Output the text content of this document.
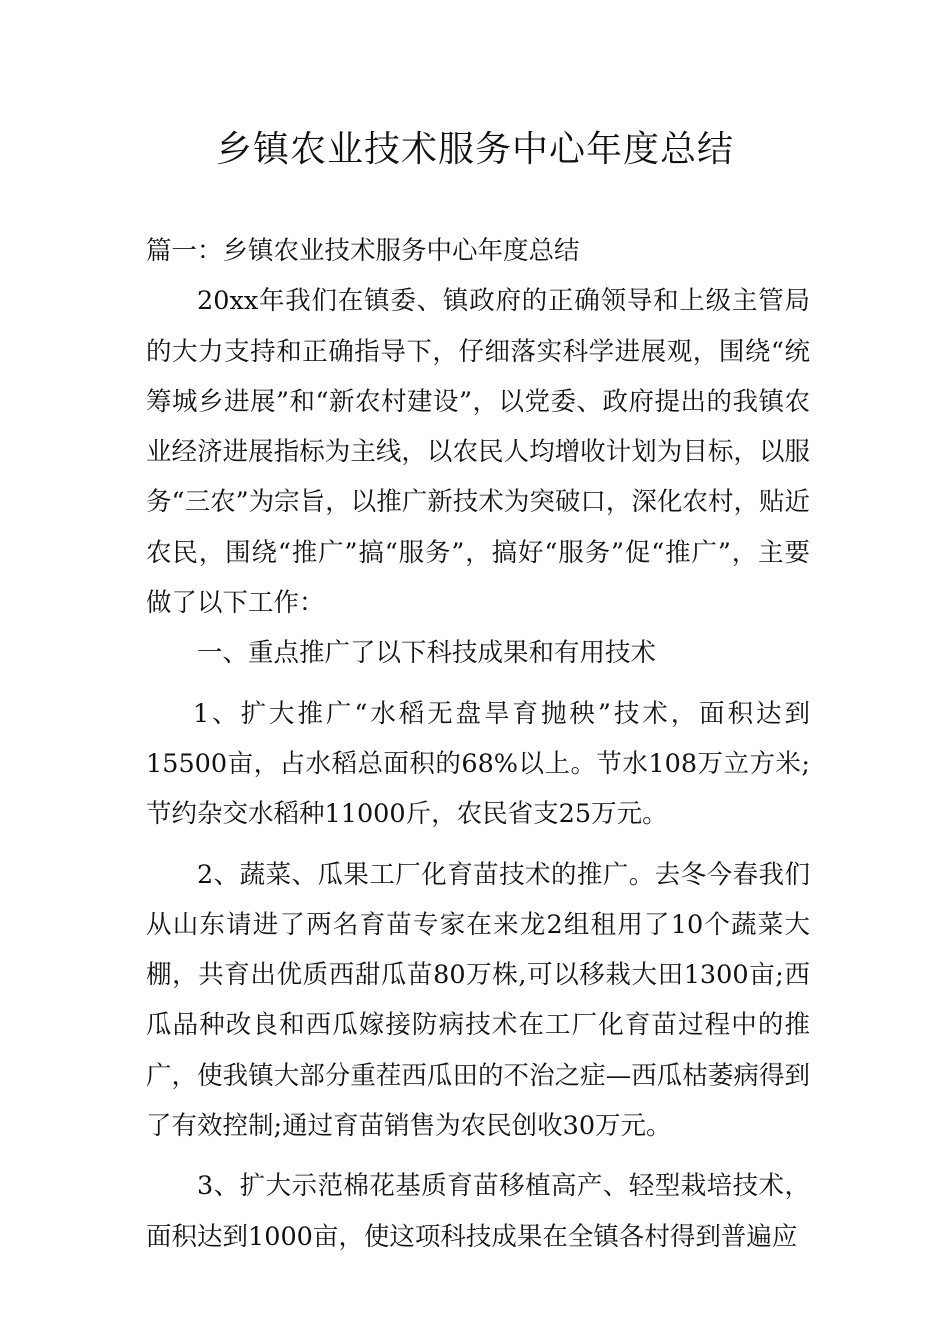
乡镇农业技术服务中心年度总结

篇一：乡镇农业技术服务中心年度总结

20xx年我们在镇委、镇政府的正确领导和上级主管局的大力支持和正确指导下，仔细落实科学进展观，围绕“统筹城乡进展”和“新农村建设”，以党委、政府提出的我镇农业经济进展指标为主线，以农民人均增收计划为目标，以服务“三农”为宗旨，以推广新技术为突破口，深化农村，贴近农民，围绕“推广”搞“服务”，搞好“服务”促“推广”，主要做了以下工作：

一、重点推广了以下科技成果和有用技术

1、扩大推广“水稻无盘旱育抛秧”技术，面积达到15500亩，占水稻总面积的68%以上。节水108万立方米;节约杂交水稻种11000斤，农民省支25万元。

2、蔬菜、瓜果工厂化育苗技术的推广。去冬今春我们从山东请进了两名育苗专家在来龙2组租用了10个蔬菜大棚，共育出优质西甜瓜苗80万株,可以移栽大田1300亩;西瓜品种改良和西瓜嫁接防病技术在工厂化育苗过程中的推广，使我镇大部分重茬西瓜田的不治之症—西瓜枯萎病得到了有效控制;通过育苗销售为农民创收30万元。

3、扩大示范棉花基质育苗移植高产、轻型栽培技术，面积达到1000亩，使这项科技成果在全镇各村得到普遍应
